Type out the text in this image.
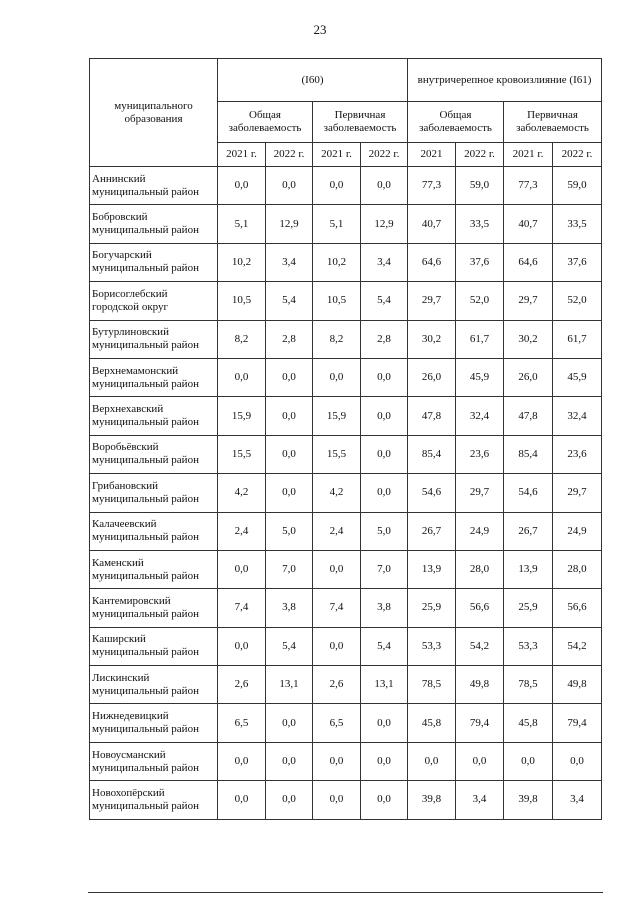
23
муниципального образования	(I60)				внутричерепное кровоизлияние (I61)			
	Общая заболеваемость		Первичная заболеваемость		Общая заболеваемость		Первичная заболеваемость	
	2021 г.	2022 г.	2021 г.	2022 г.	2021	2022 г.	2021 г.	2022 г.
Аннинский муниципальный район	0,0	0,0	0,0	0,0	77,3	59,0	77,3	59,0
Бобровский муниципальный район	5,1	12,9	5,1	12,9	40,7	33,5	40,7	33,5
Богучарский муниципальный район	10,2	3,4	10,2	3,4	64,6	37,6	64,6	37,6
Борисоглебский городской округ	10,5	5,4	10,5	5,4	29,7	52,0	29,7	52,0
Бутурлиновский муниципальный район	8,2	2,8	8,2	2,8	30,2	61,7	30,2	61,7
Верхнемамонский муниципальный район	0,0	0,0	0,0	0,0	26,0	45,9	26,0	45,9
Верхнехавский муниципальный район	15,9	0,0	15,9	0,0	47,8	32,4	47,8	32,4
Воробьёвский муниципальный район	15,5	0,0	15,5	0,0	85,4	23,6	85,4	23,6
Грибановский муниципальный район	4,2	0,0	4,2	0,0	54,6	29,7	54,6	29,7
Калачеевский муниципальный район	2,4	5,0	2,4	5,0	26,7	24,9	26,7	24,9
Каменский муниципальный район	0,0	7,0	0,0	7,0	13,9	28,0	13,9	28,0
Кантемировский муниципальный район	7,4	3,8	7,4	3,8	25,9	56,6	25,9	56,6
Каширский муниципальный район	0,0	5,4	0,0	5,4	53,3	54,2	53,3	54,2
Лискинский муниципальный район	2,6	13,1	2,6	13,1	78,5	49,8	78,5	49,8
Нижнедевицкий муниципальный район	6,5	0,0	6,5	0,0	45,8	79,4	45,8	79,4
Новоусманский муниципальный район	0,0	0,0	0,0	0,0	0,0	0,0	0,0	0,0
Новохопёрский муниципальный район	0,0	0,0	0,0	0,0	39,8	3,4	39,8	3,4
